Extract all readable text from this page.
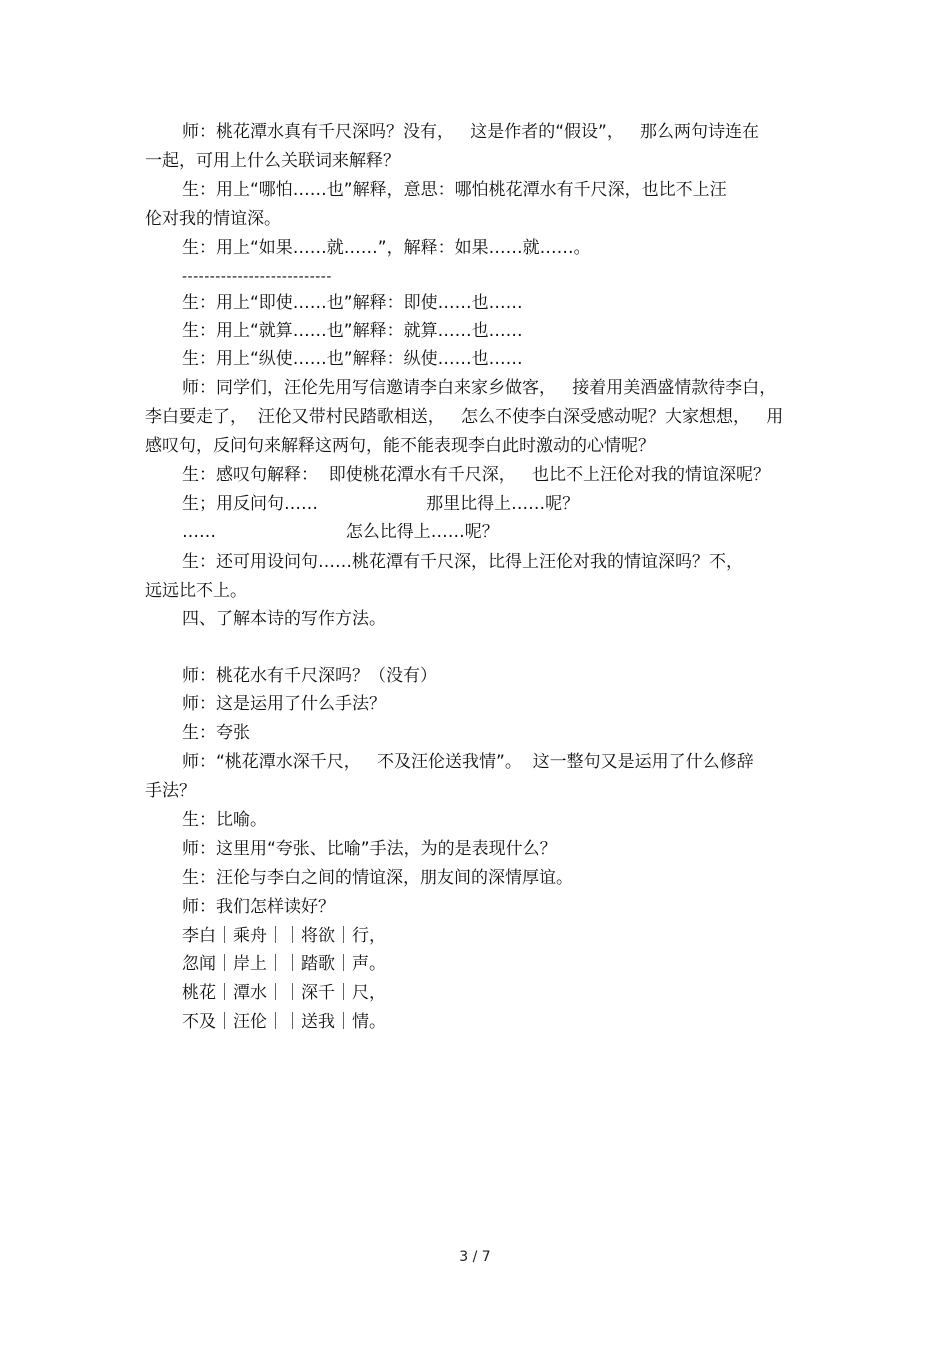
师：桃花潭水真有千尺深吗？没有，   这是作者的“假设”，   那么两句诗连在
一起，可用上什么关联词来解释？
生：用上“哪怕……也”解释，意思：哪怕桃花潭水有千尺深，也比不上汪
伦对我的情谊深。
生：用上“如果……就……”，解释：如果……就……。
---------------------------
生：用上“即使……也”解释：即使……也……
生：用上“就算……也”解释：就算……也……
生：用上“纵使……也”解释：纵使……也……
师：同学们，汪伦先用写信邀请李白来家乡做客，   接着用美酒盛情款待李白，
李白要走了，  汪伦又带村民踏歌相送，   怎么不使李白深受感动呢？大家想想，   用
感叹句，反问句来解释这两句，能不能表现李白此时激动的心情呢？
生：感叹句解释：  即使桃花潭水有千尺深，   也比不上汪伦对我的情谊深呢？
生；用反问句……                    那里比得上……呢？
……                        怎么比得上……呢？
生：还可用设问句……桃花潭有千尺深，比得上汪伦对我的情谊深吗？不，
远远比不上。
四、了解本诗的写作方法。
师：桃花水有千尺深吗？（没有）
师：这是运用了什么手法？
生：夸张
师：“桃花潭水深千尺，   不及汪伦送我情”。  这一整句又是运用了什么修辞
手法？
生：比喻。
师：这里用“夸张、比喻”手法，为的是表现什么？
生：汪伦与李白之间的情谊深，朋友间的深情厚谊。
师：我们怎样读好？
李白｜乘舟｜｜将欲｜行，
忽闻｜岸上｜｜踏歌｜声。
桃花｜潭水｜｜深千｜尺，
不及｜汪伦｜｜送我｜情。
3 / 7
